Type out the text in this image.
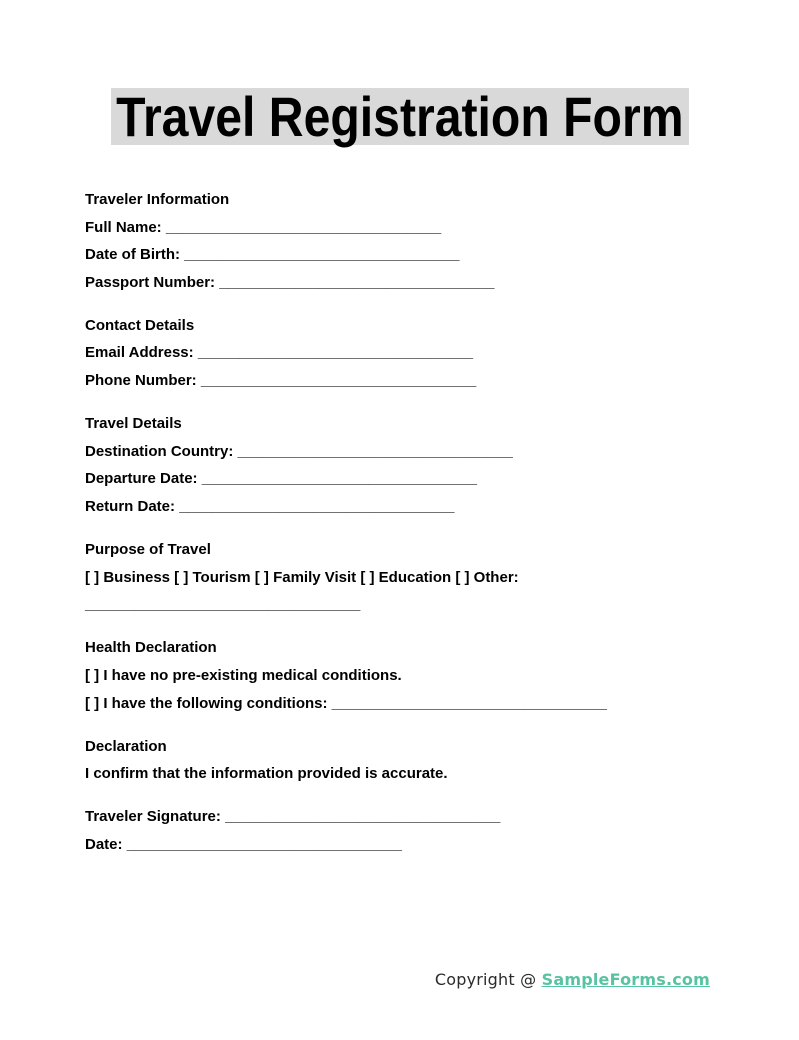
Travel Registration Form

Traveler Information

Full Name: _________________________________

Date of Birth: _________________________________

Passport Number: _________________________________

Contact Details

Email Address: _________________________________

Phone Number: _________________________________

Travel Details

Destination Country: _________________________________

Departure Date: _________________________________

Return Date: _________________________________

Purpose of Travel

[ ] Business [ ] Tourism [ ] Family Visit [ ] Education [ ] Other:

_________________________________

Health Declaration

[ ] I have no pre-existing medical conditions.

[ ] I have the following conditions: _________________________________

Declaration

I confirm that the information provided is accurate.

Traveler Signature: _________________________________

Date: _________________________________

Copyright @ SampleForms.com
